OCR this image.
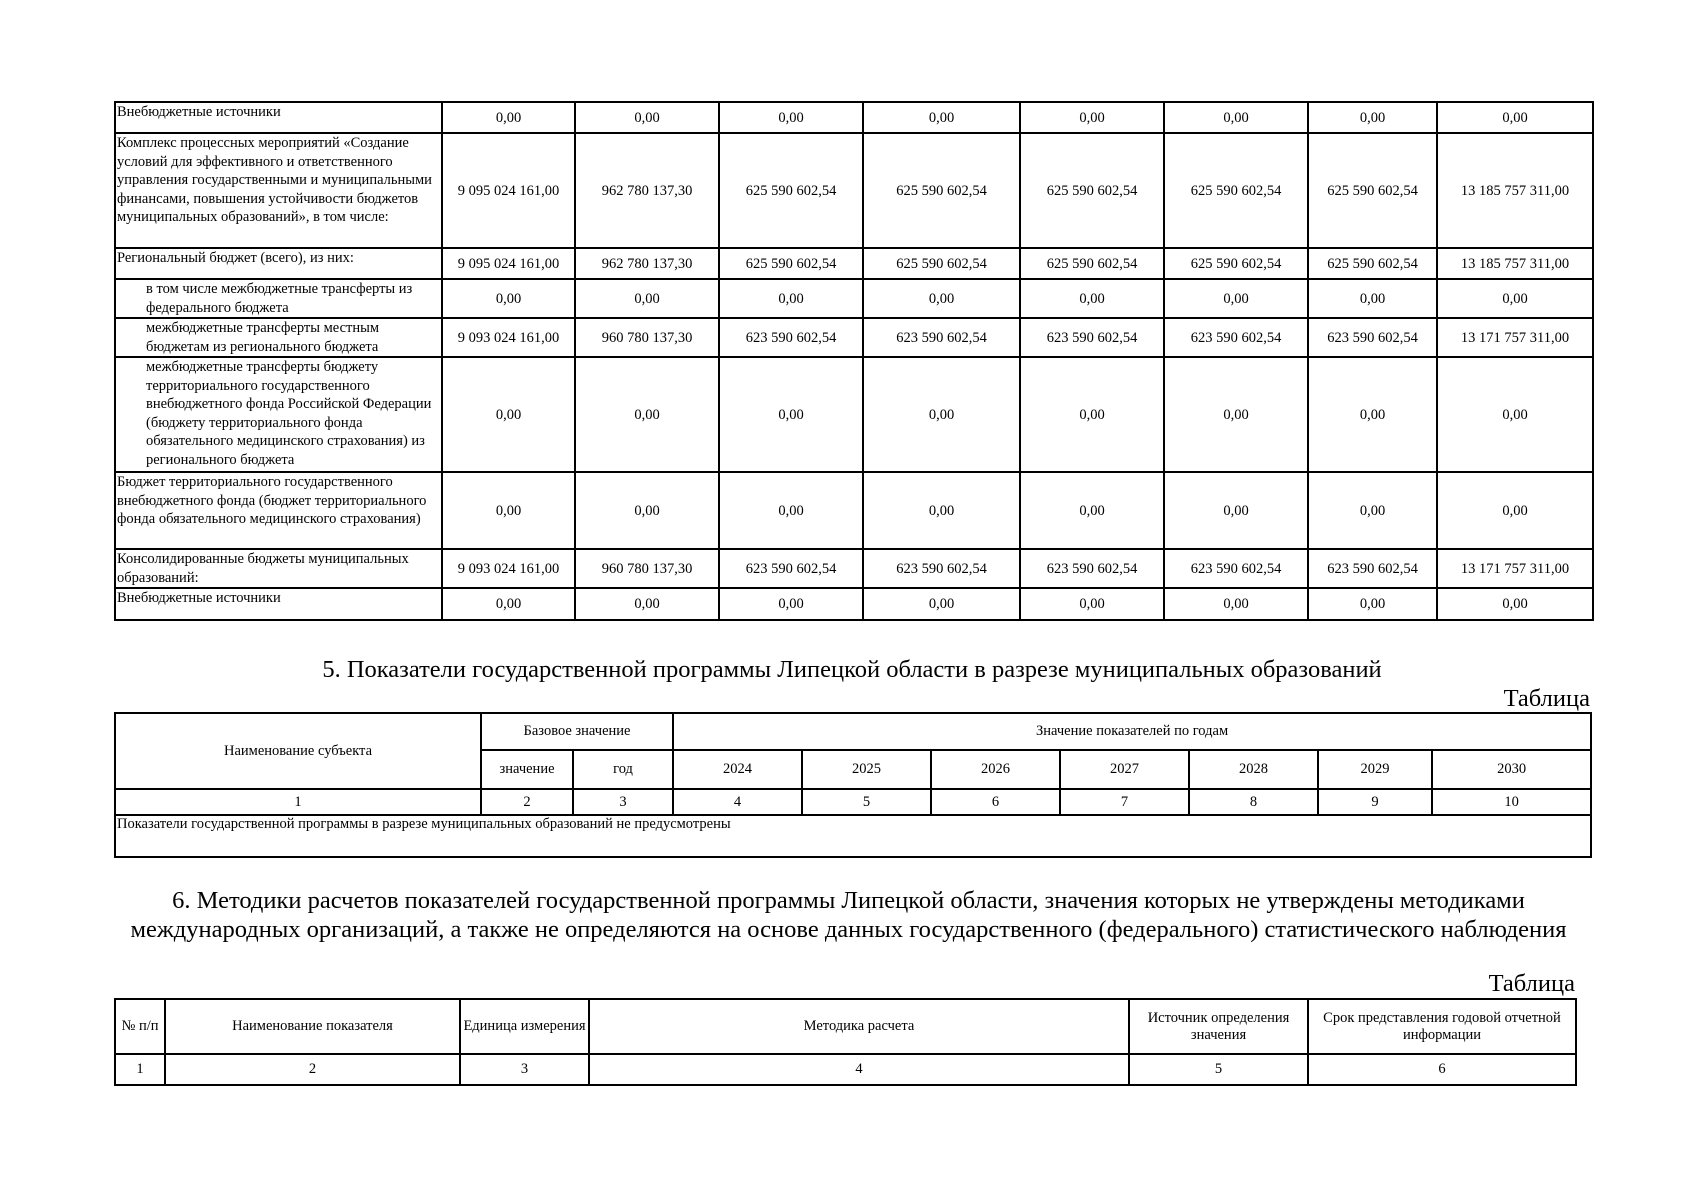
Внебюджетные источники	0,00	0,00	0,00	0,00	0,00	0,00	0,00	0,00
Комплекс процессных мероприятий «Создание условий для эффективного и ответственного управления государственными и муниципальными финансами, повышения устойчивости бюджетов муниципальных образований», в том числе:	9 095 024 161,00	962 780 137,30	625 590 602,54	625 590 602,54	625 590 602,54	625 590 602,54	625 590 602,54	13 185 757 311,00
Региональный бюджет (всего), из них:	9 095 024 161,00	962 780 137,30	625 590 602,54	625 590 602,54	625 590 602,54	625 590 602,54	625 590 602,54	13 185 757 311,00
в том числе межбюджетные трансферты из федерального бюджета	0,00	0,00	0,00	0,00	0,00	0,00	0,00	0,00
межбюджетные трансферты местным бюджетам из регионального бюджета	9 093 024 161,00	960 780 137,30	623 590 602,54	623 590 602,54	623 590 602,54	623 590 602,54	623 590 602,54	13 171 757 311,00
межбюджетные трансферты бюджету территориального государственного внебюджетного фонда Российской Федерации (бюджету территориального фонда обязательного медицинского страхования) из регионального бюджета	0,00	0,00	0,00	0,00	0,00	0,00	0,00	0,00
Бюджет территориального государственного внебюджетного фонда (бюджет территориального фонда обязательного медицинского страхования)	0,00	0,00	0,00	0,00	0,00	0,00	0,00	0,00
Консолидированные бюджеты муниципальных образований:	9 093 024 161,00	960 780 137,30	623 590 602,54	623 590 602,54	623 590 602,54	623 590 602,54	623 590 602,54	13 171 757 311,00
Внебюджетные источники	0,00	0,00	0,00	0,00	0,00	0,00	0,00	0,00
5. Показатели государственной программы Липецкой области в разрезе муниципальных образований
Таблица
Наименование субъекта	Базовое значение		Значение показателей по годам						
	значение	год	2024	2025	2026	2027	2028	2029	2030
1	2	3	4	5	6	7	8	9	10
Показатели государственной программы в разрезе муниципальных образований не предусмотрены									
6. Методики расчетов показателей государственной программы Липецкой области, значения которых не утверждены методиками
международных организаций, а также не определяются на основе данных государственного (федерального) статистического наблюдения
Таблица
№ п/п	Наименование показателя	Единица измерения	Методика расчета	Источник определения значения	Срок представления годовой отчетной информации
1	2	3	4	5	6
